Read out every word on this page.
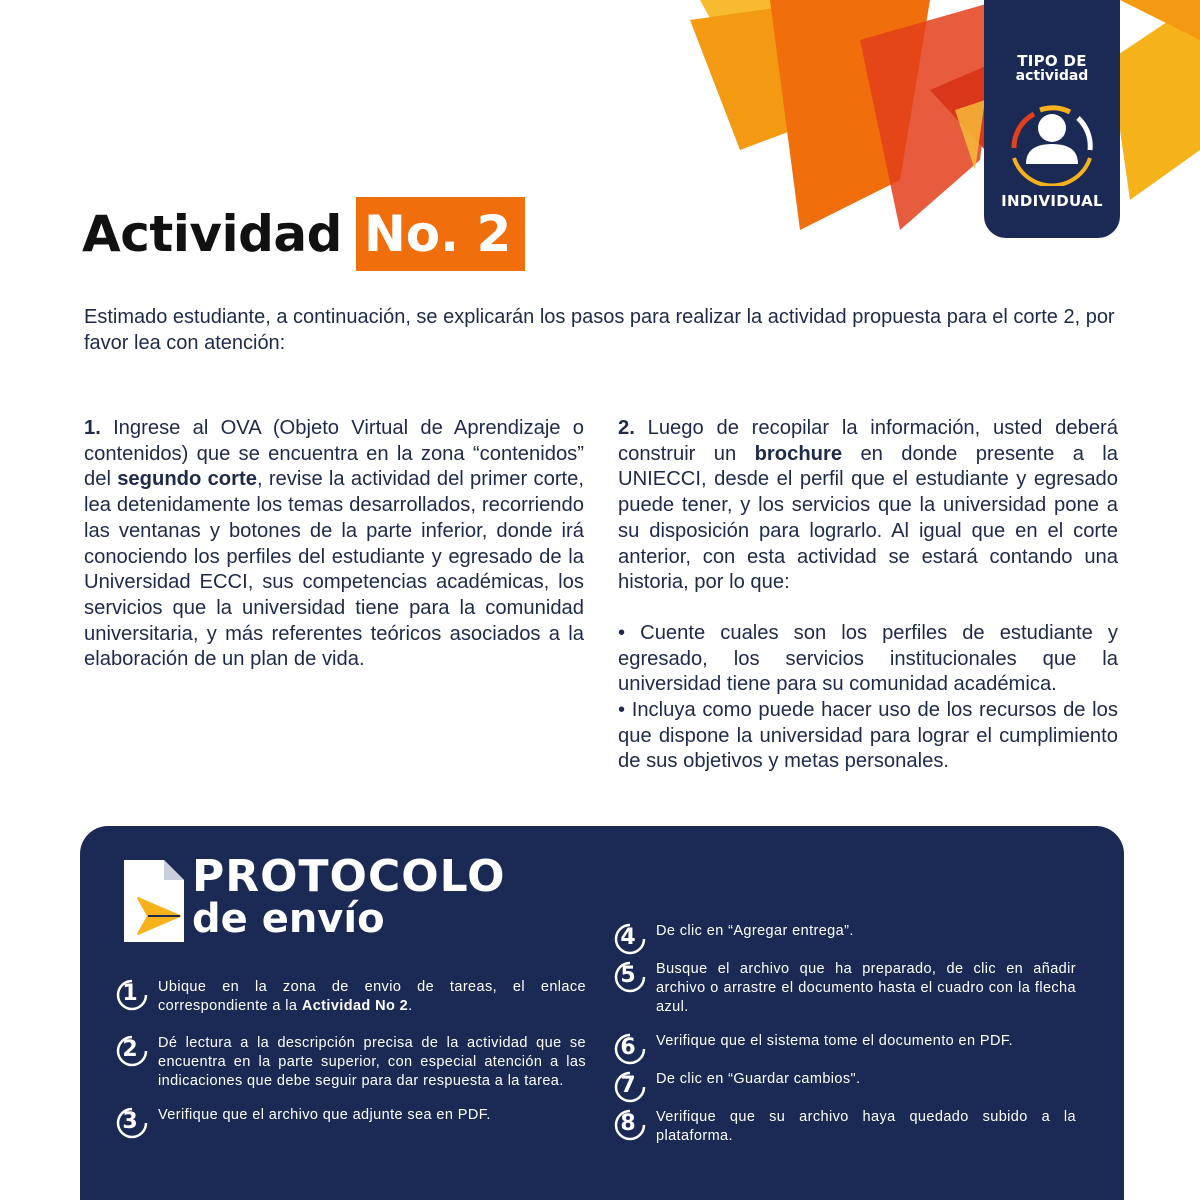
TIPO DE
actividad
INDIVIDUAL
Actividad No. 2
Estimado estudiante, a continuación, se explicarán los pasos para realizar la actividad propuesta para el corte 2, por favor lea con atención:

1. Ingrese al OVA (Objeto Virtual de Aprendizaje o contenidos) que se encuentra en la zona “contenidos” del segundo corte, revise la actividad del primer corte, lea detenidamente los temas desarrollados, recorriendo las ventanas y botones de la parte inferior, donde irá conociendo los perfiles del estudiante y egresado de la Universidad ECCI, sus competencias académicas, los servicios que la universidad tiene para la comunidad universitaria, y más referentes teóricos asociados a la elaboración de un plan de vida.

2. Luego de recopilar la información, usted deberá construir un brochure en donde presente a la UNIECCI, desde el perfil que el estudiante y egresado puede tener, y los servicios que la universidad pone a su disposición para lograrlo. Al igual que en el corte anterior, con esta actividad se estará contando una historia, por lo que:

• Cuente cuales son los perfiles de estudiante y egresado, los servicios institucionales que la universidad tiene para su comunidad académica.

• Incluya como puede hacer uso de los recursos de los que dispone la universidad para lograr el cumplimiento de sus objetivos y metas personales.

PROTOCOLO
de envío
1	Ubique en la zona de envio de tareas, el enlace correspondiente a la Actividad No 2.
2	Dé lectura a la descripción precisa de la actividad que se encuentra en la parte superior, con especial atención a las indicaciones que debe seguir para dar respuesta a la tarea.
3	Verifique que el archivo que adjunte sea en PDF.
4	De clic en “Agregar entrega”.
5	Busque el archivo que ha preparado, de clic en añadir archivo o arrastre el documento hasta el cuadro con la flecha azul.
6	Verifique que el sistema tome el documento en PDF.
7	De clic en “Guardar cambios".
8	Verifique que su archivo haya quedado subido a la plataforma.
